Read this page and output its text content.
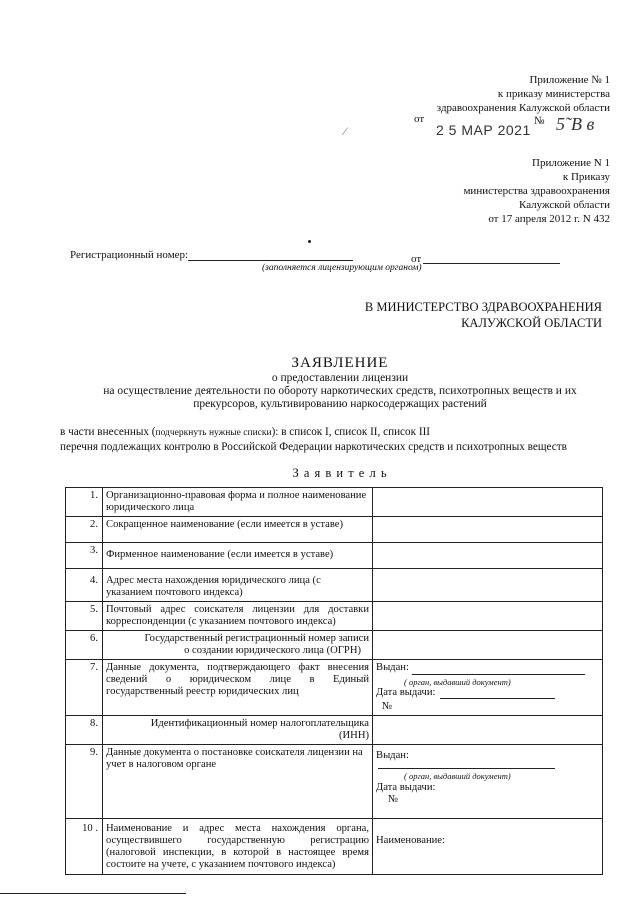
Приложение № 1
к приказу министерства
здравоохранения Калужской области
от
2 5 МАР 2021
№ 5˜Β в
⁄
Приложение N 1
к Приказу
министерства здравоохранения
Калужской области
от 17 апреля 2012 г. N 432
Регистрационный номер:	от
(заполняется лицензирующим органом)
В МИНИСТЕРСТВО ЗДРАВООХРАНЕНИЯ
КАЛУЖСКОЙ ОБЛАСТИ
ЗАЯВЛЕНИЕ
о предоставлении лицензии
на осуществление деятельности по обороту наркотических средств, психотропных веществ и их
прекурсоров, культивированию наркосодержащих растений
в части внесенных (подчеркнуть нужные списки): в список I, список II, список III
перечня подлежащих контролю в Российской Федерации наркотических средств и психотропных веществ
З а я в и т е л ь
1.	Организационно-правовая форма и полное наименование юридического лица	
2.	Сокращенное наименование (если имеется в уставе)	
3.	Фирменное наименование (если имеется в уставе)	
4.	Адрес места нахождения юридического лица (с указанием почтового индекса)	
5.	Почтовый адрес соискателя лицензии для доставки корреспонденции (с указанием почтового индекса)	
6.	Государственный регистрационный номер записи
о создании юридического лица (ОГРН)	

7.	Данные документа, подтверждающего факт внесения сведений о юридическом лице в Единый государственный реестр юридических лиц	Выдан:
( орган, выдавший документ)
Дата выдачи:
№

8.	Идентификационный номер налогоплательщика
(ИНН)	

9.	Данные документа о постановке соискателя лицензии на учет в налоговом органе	Выдан:
( орган, выдавший документ)
Дата выдачи:
№

10 .	Наименование и адрес места нахождения органа, осуществившего государственную регистрацию (налоговой инспекции, в которой в настоящее время состоите на учете, с указанием почтового индекса)	Наименование:
